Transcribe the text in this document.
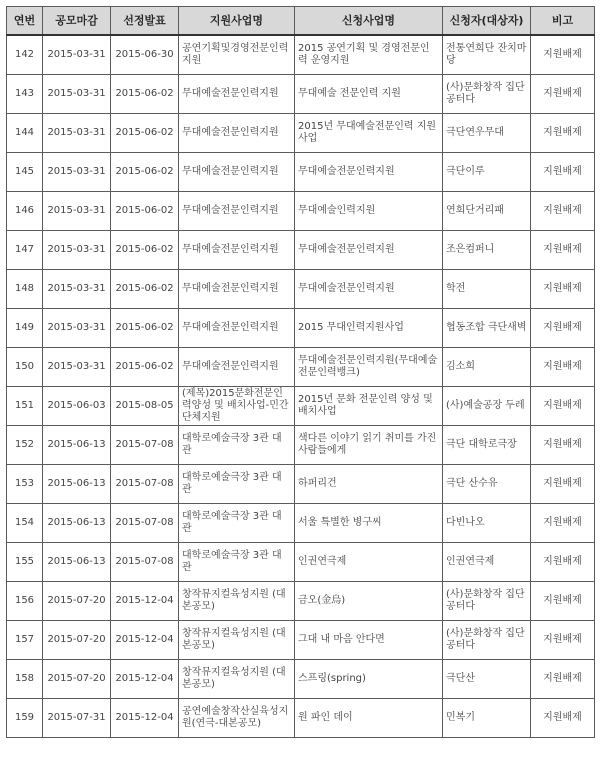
연번	공모마감	선정발표	지원사업명	신청사업명	신청자(대상자)	비고
142	2015-03-31	2015-06-30	공연기획및경영전문인력지원	2015 공연기획 및 경영전문인력 운영지원	전통연희단 잔치마당	지원배제
143	2015-03-31	2015-06-02	무대예술전문인력지원	무대예술 전문인력 지원	(사)문화창작 집단공터다	지원배제
144	2015-03-31	2015-06-02	무대예술전문인력지원	2015년 무대예술전문인력 지원사업	극단연우무대	지원배제
145	2015-03-31	2015-06-02	무대예술전문인력지원	무대예술전문인력지원	극단이루	지원배제
146	2015-03-31	2015-06-02	무대예술전문인력지원	무대예술인력지원	연희단거리패	지원배제
147	2015-03-31	2015-06-02	무대예술전문인력지원	무대예술전문인력지원	조은컴퍼니	지원배제
148	2015-03-31	2015-06-02	무대예술전문인력지원	무대예술전문인력지원	학전	지원배제
149	2015-03-31	2015-06-02	무대예술전문인력지원	2015 무대인력지원사업	협동조합 극단새벽	지원배제
150	2015-03-31	2015-06-02	무대예술전문인력지원	무대예술전문인력지원(무대예술전문인력뱅크)	김소희	지원배제
151	2015-06-03	2015-08-05	(제목)2015문화전문인력양성 및 배치사업-민간단체지원	2015년 문화 전문인력 양성 및 배치사업	(사)예술공장 두레	지원배제
152	2015-06-13	2015-07-08	대학로예술극장 3관 대관	색다른 이야기 읽기 취미를 가진 사람들에게	극단 대학로극장	지원배제
153	2015-06-13	2015-07-08	대학로예술극장 3관 대관	하퍼리건	극단 산수유	지원배제
154	2015-06-13	2015-07-08	대학로예술극장 3관 대관	서울 특별한 병구씨	다빈나오	지원배제
155	2015-06-13	2015-07-08	대학로예술극장 3관 대관	인권연극제	인권연극제	지원배제
156	2015-07-20	2015-12-04	창작뮤지컬육성지원 (대본공모)	금오(金烏)	(사)문화창작 집단공터다	지원배제
157	2015-07-20	2015-12-04	창작뮤지컬육성지원 (대본공모)	그대 내 마음 안다면	(사)문화창작 집단공터다	지원배제
158	2015-07-20	2015-12-04	창작뮤지컬육성지원 (대본공모)	스프링(spring)	극단산	지원배제
159	2015-07-31	2015-12-04	공연예술창작산실육성지원(연극-대본공모)	원 파인 데이	민복기	지원배제
